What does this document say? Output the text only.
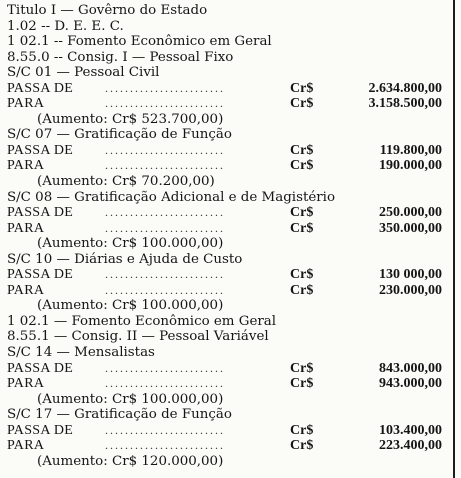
Titulo I — Govêrno do Estado
1.02 -- D. E. E. C.
1 02.1 -- Fomento Econômico em Geral
8.55.0 -- Consig. I — Pessoal Fixo
S/C 01 — Pessoal Civil
PASSA DE	........................	Cr$	2.634.800,00
PARA	........................	Cr$	3.158.500,00
(Aumento: Cr$ 523.700,00)
S/C 07 — Gratificação de Função
PASSA DE	........................	Cr$	119.800,00
PARA	........................	Cr$	190.000,00
(Aumento: Cr$ 70.200,00)
S/C 08 — Gratificação Adicional e de Magistério
PASSA DE	........................	Cr$	250.000,00
PARA	........................	Cr$	350.000,00
(Aumento: Cr$ 100.000,00)
S/C 10 — Diárias e Ajuda de Custo
PASSA DE	........................	Cr$	130 000,00
PARA	........................	Cr$	230.000,00
(Aumento: Cr$ 100.000,00)
1 02.1 — Fomento Econômico em Geral
8.55.1 — Consig. II — Pessoal Variável
S/C 14 — Mensalistas
PASSA DE	........................	Cr$	843.000,00
PARA	........................	Cr$	943.000,00
(Aumento: Cr$ 100.000,00)
S/C 17 — Gratificação de Função
PASSA DE	........................	Cr$	103.400,00
PARA	........................	Cr$	223.400,00
(Aumento: Cr$ 120.000,00)
